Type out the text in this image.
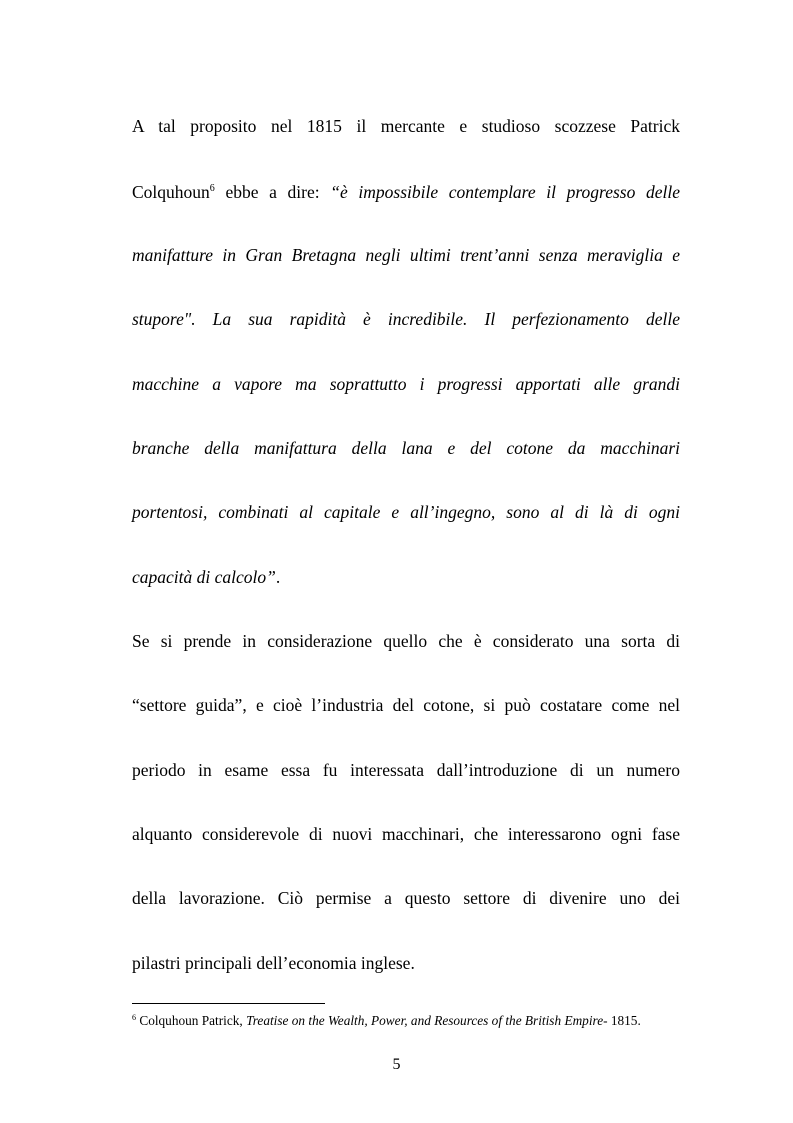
A tal proposito nel 1815 il mercante e studioso scozzese Patrick
Colquhoun$^6$ ebbe a dire: “è impossibile contemplare il progresso delle
manifatture in Gran Bretagna negli ultimi trent’anni senza meraviglia e
stupore". La sua rapidità è incredibile. Il perfezionamento delle
macchine a vapore ma soprattutto i progressi apportati alle grandi
branche della manifattura della lana e del cotone da macchinari
portentosi, combinati al capitale e all’ingegno, sono al di là di ogni
capacità di calcolo”.
Se si prende in considerazione quello che è considerato una sorta di
“settore guida”, e cioè l’industria del cotone, si può costatare come nel
periodo in esame essa fu interessata dall’introduzione di un numero
alquanto considerevole di nuovi macchinari, che interessarono ogni fase
della lavorazione. Ciò permise a questo settore di divenire uno dei
pilastri principali dell’economia inglese.
$^6$ Colquhoun Patrick, Treatise on the Wealth, Power, and Resources of the British Empire- 1815.
5
